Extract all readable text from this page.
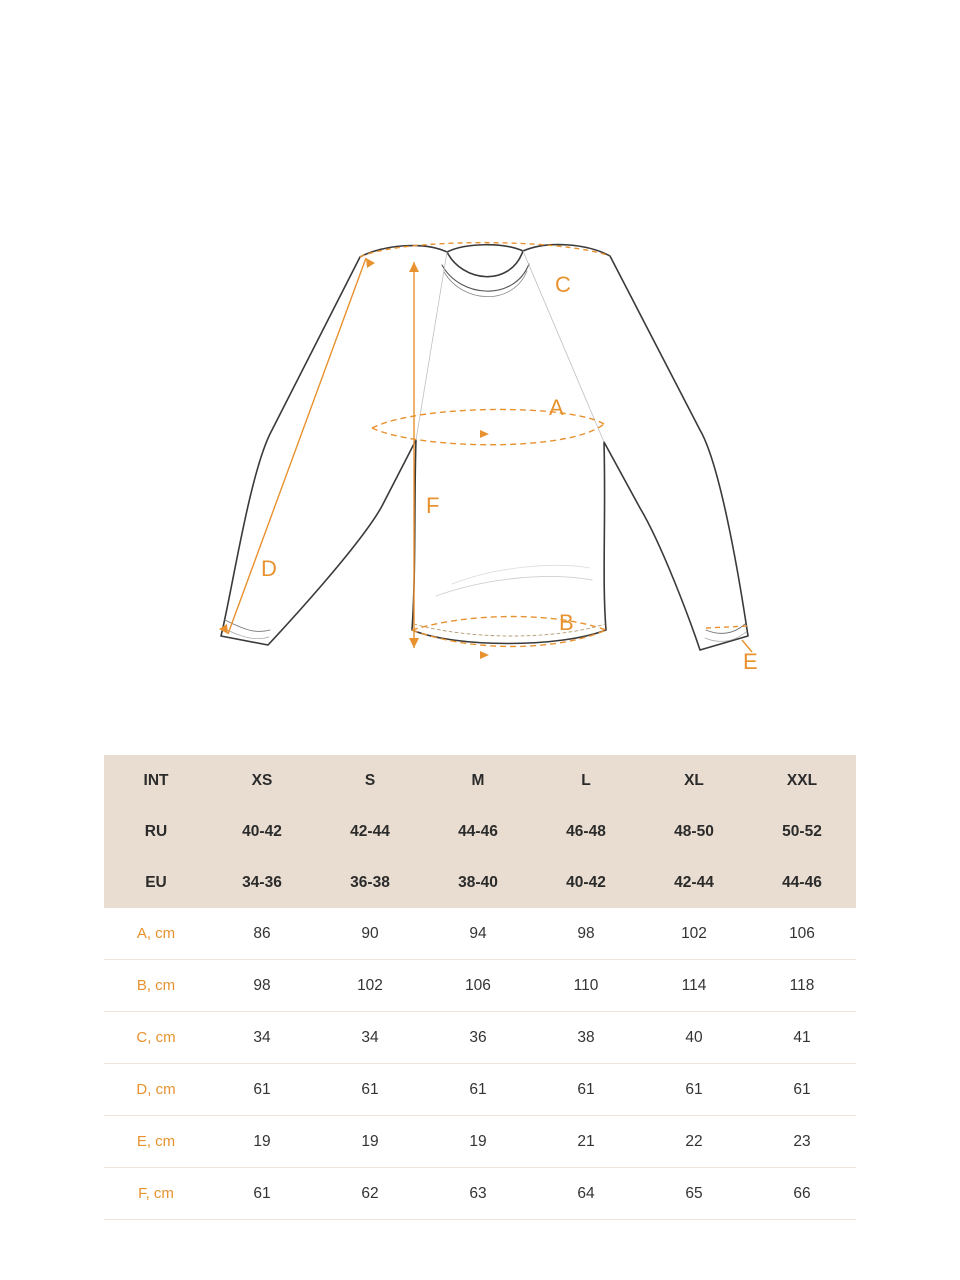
A
B
C
D
E
F
INT	XS	S	M	L	XL	XXL
RU	40-42	42-44	44-46	46-48	48-50	50-52
EU	34-36	36-38	38-40	40-42	42-44	44-46
A, cm	86	90	94	98	102	106
B, cm	98	102	106	110	114	118
C, cm	34	34	36	38	40	41
D, cm	61	61	61	61	61	61
E, cm	19	19	19	21	22	23
F, cm	61	62	63	64	65	66
